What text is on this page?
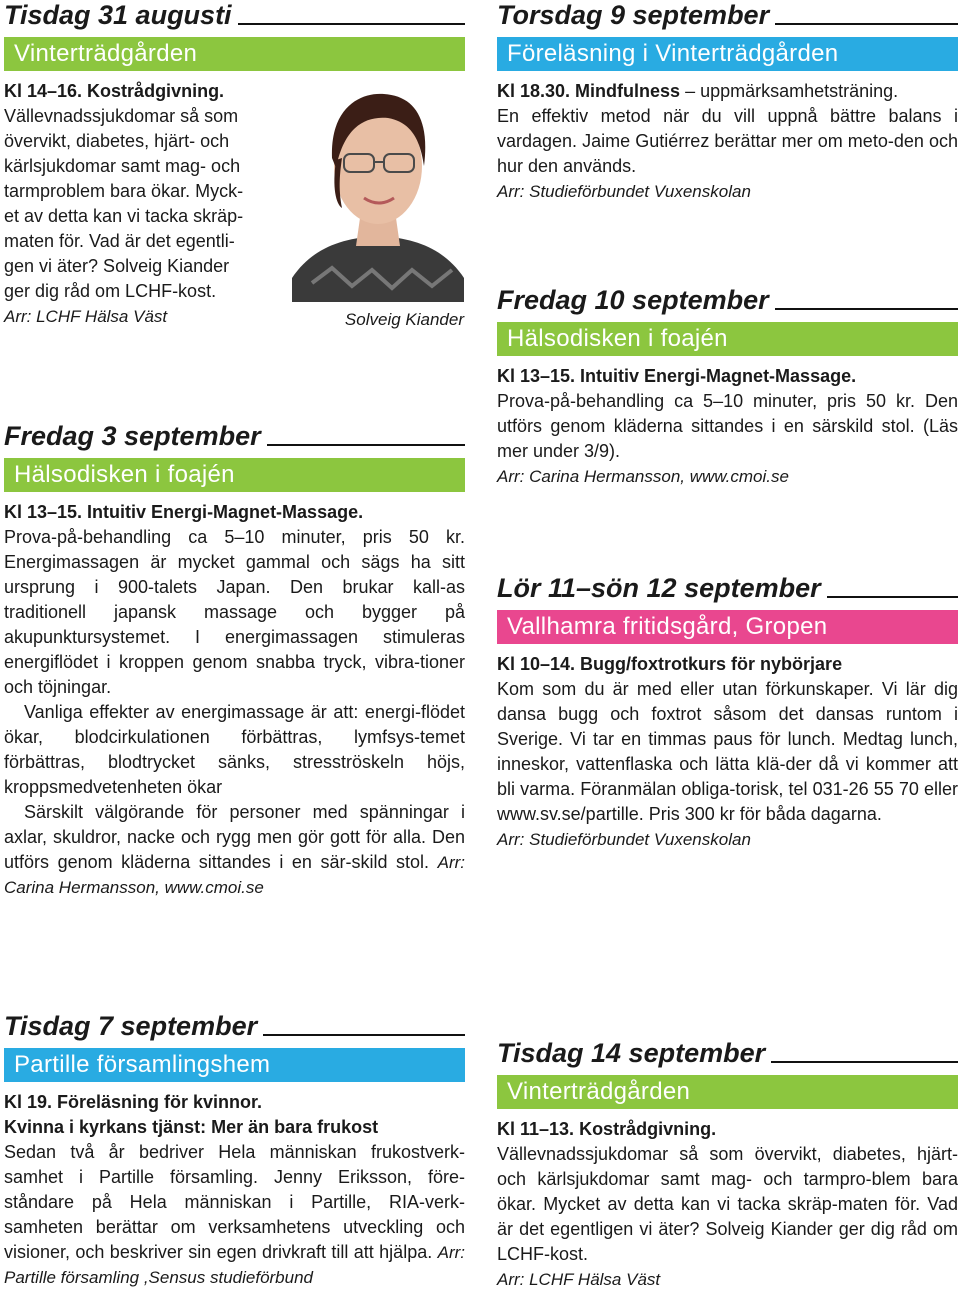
Tisdag 31 augusti
Vinterträdgården

Kl 14–16. Kostrådgivning.

Vällevnadssjukdomar så som

övervikt, diabetes, hjärt- och

kärlsjukdomar samt mag- och

tarmproblem bara ökar. Myck-

et av detta kan vi tacka skräp-

maten för. Vad är det egentli-

gen vi äter? Solveig Kiander

ger dig råd om LCHF-kost.

Arr: LCHF Hälsa Väst	Solveig Kiander
Fredag 3 september
Hälsodisken i foajén

Kl 13–15. Intuitiv Energi-Magnet-Massage.

Prova-på-behandling ca 5–10 minuter, pris 50 kr. Energimassagen är mycket gammal och sägs ha sitt ursprung i 900-talets Japan. Den brukar kall-as traditionell japansk massage och bygger på akupunktursystemet. I energimassagen stimuleras energiflödet i kroppen genom snabba tryck, vibra-tioner och töjningar.

Vanliga effekter av energimassage är att: energi-flödet ökar, blodcirkulationen förbättras, lymfsys-temet förbättras, blodtrycket sänks, stresströskeln höjs, kroppsmedvetenheten ökar

Särskilt välgörande för personer med spänningar i axlar, skuldror, nacke och rygg men gör gott för alla. Den utförs genom kläderna sittandes i en sär-skild stol. Arr: Carina Hermansson, www.cmoi.se

Tisdag 7 september
Partille församlingshem

Kl 19. Föreläsning för kvinnor.

Kvinna i kyrkans tjänst: Mer än bara frukost

Sedan två år bedriver Hela människan frukostverk-samhet i Partille församling. Jenny Eriksson, före-ståndare på Hela människan i Partille, RIA-verk-samheten berättar om verksamhetens utveckling och visioner, och beskriver sin egen drivkraft till att hjälpa. Arr: Partille församling ,Sensus studieförbund

Torsdag 9 september
Föreläsning i Vinterträdgården

Kl 18.30. Mindfulness – uppmärksamhetsträning.

En effektiv metod när du vill uppnå bättre balans i vardagen. Jaime Gutiérrez berättar mer om meto-den och hur den används.

Arr: Studieförbundet Vuxenskolan

Fredag 10 september
Hälsodisken i foajén

Kl 13–15. Intuitiv Energi-Magnet-Massage.

Prova-på-behandling ca 5–10 minuter, pris 50 kr. Den utförs genom kläderna sittandes i en särskild stol. (Läs mer under 3/9).

Arr: Carina Hermansson, www.cmoi.se

Lör 11–sön 12 september
Vallhamra fritidsgård, Gropen

Kl 10–14. Bugg/foxtrotkurs för nybörjare

Kom som du är med eller utan förkunskaper. Vi lär dig dansa bugg och foxtrot såsom det dansas runtom i Sverige. Vi tar en timmas paus för lunch. Medtag lunch, inneskor, vattenflaska och lätta klä-der då vi kommer att bli varma. Föranmälan obliga-torisk, tel 031-26 55 70 eller www.sv.se/partille. Pris 300 kr för båda dagarna.

Arr: Studieförbundet Vuxenskolan

Tisdag 14 september
Vinterträdgården

Kl 11–13. Kostrådgivning.

Vällevnadssjukdomar så som övervikt, diabetes, hjärt- och kärlsjukdomar samt mag- och tarmpro-blem bara ökar. Mycket av detta kan vi tacka skräp-maten för. Vad är det egentligen vi äter? Solveig Kiander ger dig råd om LCHF-kost.

Arr: LCHF Hälsa Väst
